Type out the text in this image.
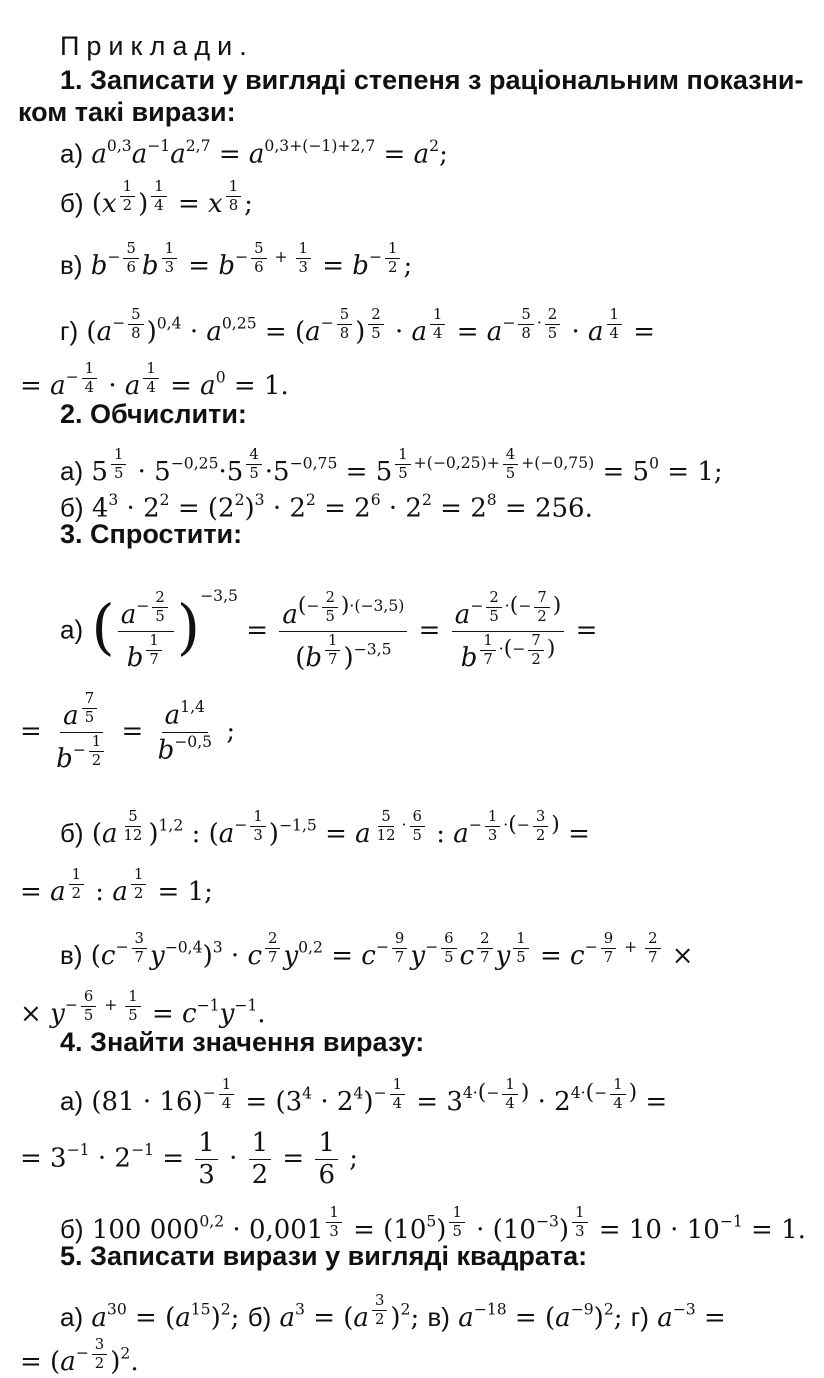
Приклади.
1. Записати у вигляді степеня з раціональним показни-
ком такі вирази:
а) $a^{0,3}a^{-1}a^{2,7} = a^{0,3+(-1)+2,7} = a^2$;
б) (x $^{\frac{1}{2}}$ ) $^{\frac{1}{4}}$ = x $^{\frac{1}{8}}$ ;
в) $b^{- \frac{5}{6}}$ b $^{\frac{1}{3}} = b^{- \frac{5}{6} + \frac{1}{3}} = b^{- \frac{1}{2}}$ ;
г) ($a^{- \frac{5}{8}}$ )$^{0,4} \cdot a^{0,25} = (a^{- \frac{5}{8}}$ ) $^{\frac{2}{5}}$ · a $^{\frac{1}{4}} = a^{- \frac{5}{8} \cdot \frac{2}{5}} \cdot a$ $^{\frac{1}{4}}$ =
= $a^{- \frac{1}{4}} \cdot a$ $^{\frac{1}{4}} = a^0 = 1$.
2. Обчислити:
а) 5 $^{\frac{1}{5}} \cdot 5^{-0,25}\cdot 5$ $^{\frac{4}{5}} \cdot 5^{-0,75} = 5$ $^{\frac{1}{5} +(-0,25)+ \frac{4}{5} +(-0,75)} = 5^0 = 1$;
б) $4^3 \cdot 2^2 = (2^2)^3 \cdot 2^2 = 2^6 \cdot 2^2 = 2^8 = 256$.
3. Спростити:
а) ( $a^{- \frac{2}{5}}$
b $^{\frac{1}{7}}$ )$^{-3,5} = a^{(- \frac{2}{5} )\cdot(-3,5)}$
(b $^{\frac{1}{7}}$ )$^{-3,5} = a^{- \frac{2}{5} \cdot(- \frac{7}{2} )}$
b $^{\frac{1}{7} \cdot(- \frac{7}{2} )}$ =
= a $^{\frac{7}{5}}$
$b^{- \frac{1}{2}} = \frac{a^{1,4}}{b^{-0,5}}$ ;
б) (a $^{\frac{5}{12}}$ )$^{1,2}$ : ($a^{- \frac{1}{3}}$ )$^{-1,5}$ = a $^{\frac{5}{12} \cdot \frac{6}{5}}$ : $a^{- \frac{1}{3} \cdot(- \frac{3}{2} )}$ =
= a $^{\frac{1}{2}}$ : a $^{\frac{1}{2}}$ = 1;
в) ($c^{- \frac{3}{7}}$ $y^{-0,4})^3 \cdot c$ $^{\frac{2}{7}}$ $y^{0,2} = c^{- \frac{9}{7}}$ $y^{- \frac{6}{5}}$ c $^{\frac{2}{7}}$ y $^{\frac{1}{5}} = c^{- \frac{9}{7} + \frac{2}{7}}$ ×
× $y^{- \frac{6}{5} + \frac{1}{5}} = c^{-1}y^{-1}$.
4. Знайти значення виразу:
а) $(81 \cdot 16)^{- \frac{1}{4}} = (3^4 \cdot 2^4)^{- \frac{1}{4}} = 3^{4\cdot(- \frac{1}{4} )} \cdot 2^{4\cdot(- \frac{1}{4} )}$ =
= $3^{-1} \cdot 2^{-1} = \frac{1}{3} \cdot \frac{1}{2} = \frac{1}{6}$ ;
б) 100 $000^{0,2} \cdot 0,001$ $^{\frac{1}{3}} = (10^5) ^{\frac{1}{5}} \cdot (10^{-3}) ^{\frac{1}{3}} = 10 \cdot 10^{-1} = 1$.
5. Записати вирази у вигляді квадрата:
а) $a^{30} = (a^{15})^2$; б) $a^3 = (a$ $^{\frac{3}{2}}$ )$^2$; в) $a^{-18} = (a^{-9})^2$; г) $a^{-3}$ =
= ($a^{- \frac{3}{2}}$ )$^2$.
